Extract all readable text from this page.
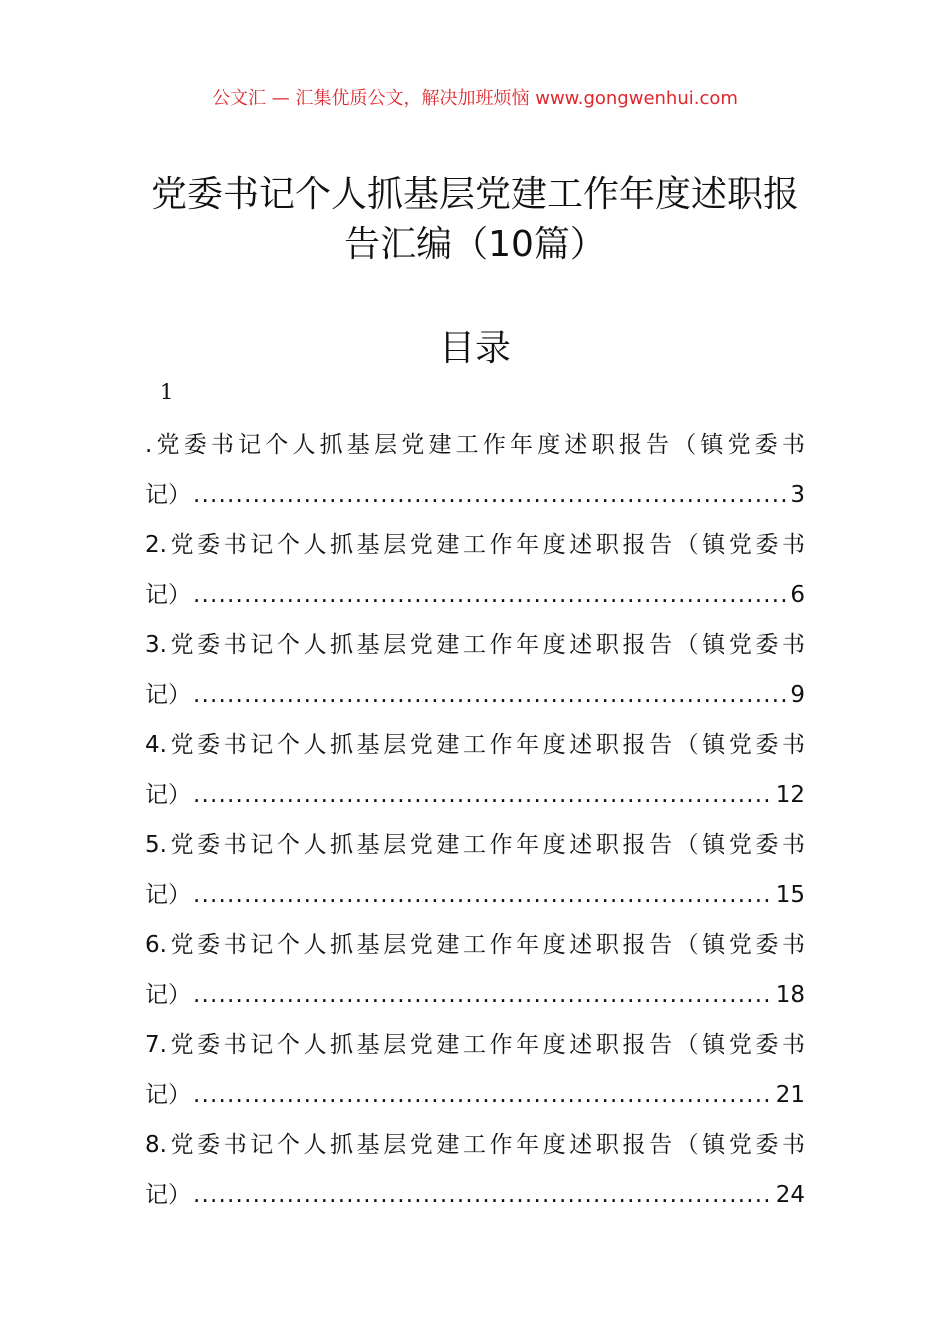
公文汇 — 汇集优质公文，解决加班烦恼 www.gongwenhui.com
党委书记个人抓基层党建工作年度述职报
告汇编（10篇）
目录
1
.党委书记个人抓基层党建工作年度述职报告（镇党委书
记） .....	3
2.党委书记个人抓基层党建工作年度述职报告（镇党委书
记） .....	6
3.党委书记个人抓基层党建工作年度述职报告（镇党委书
记） .....	9
4.党委书记个人抓基层党建工作年度述职报告（镇党委书
记） .....	12
5.党委书记个人抓基层党建工作年度述职报告（镇党委书
记） .....	15
6.党委书记个人抓基层党建工作年度述职报告（镇党委书
记） .....	18
7.党委书记个人抓基层党建工作年度述职报告（镇党委书
记） .....	21
8.党委书记个人抓基层党建工作年度述职报告（镇党委书
记） .....	24
